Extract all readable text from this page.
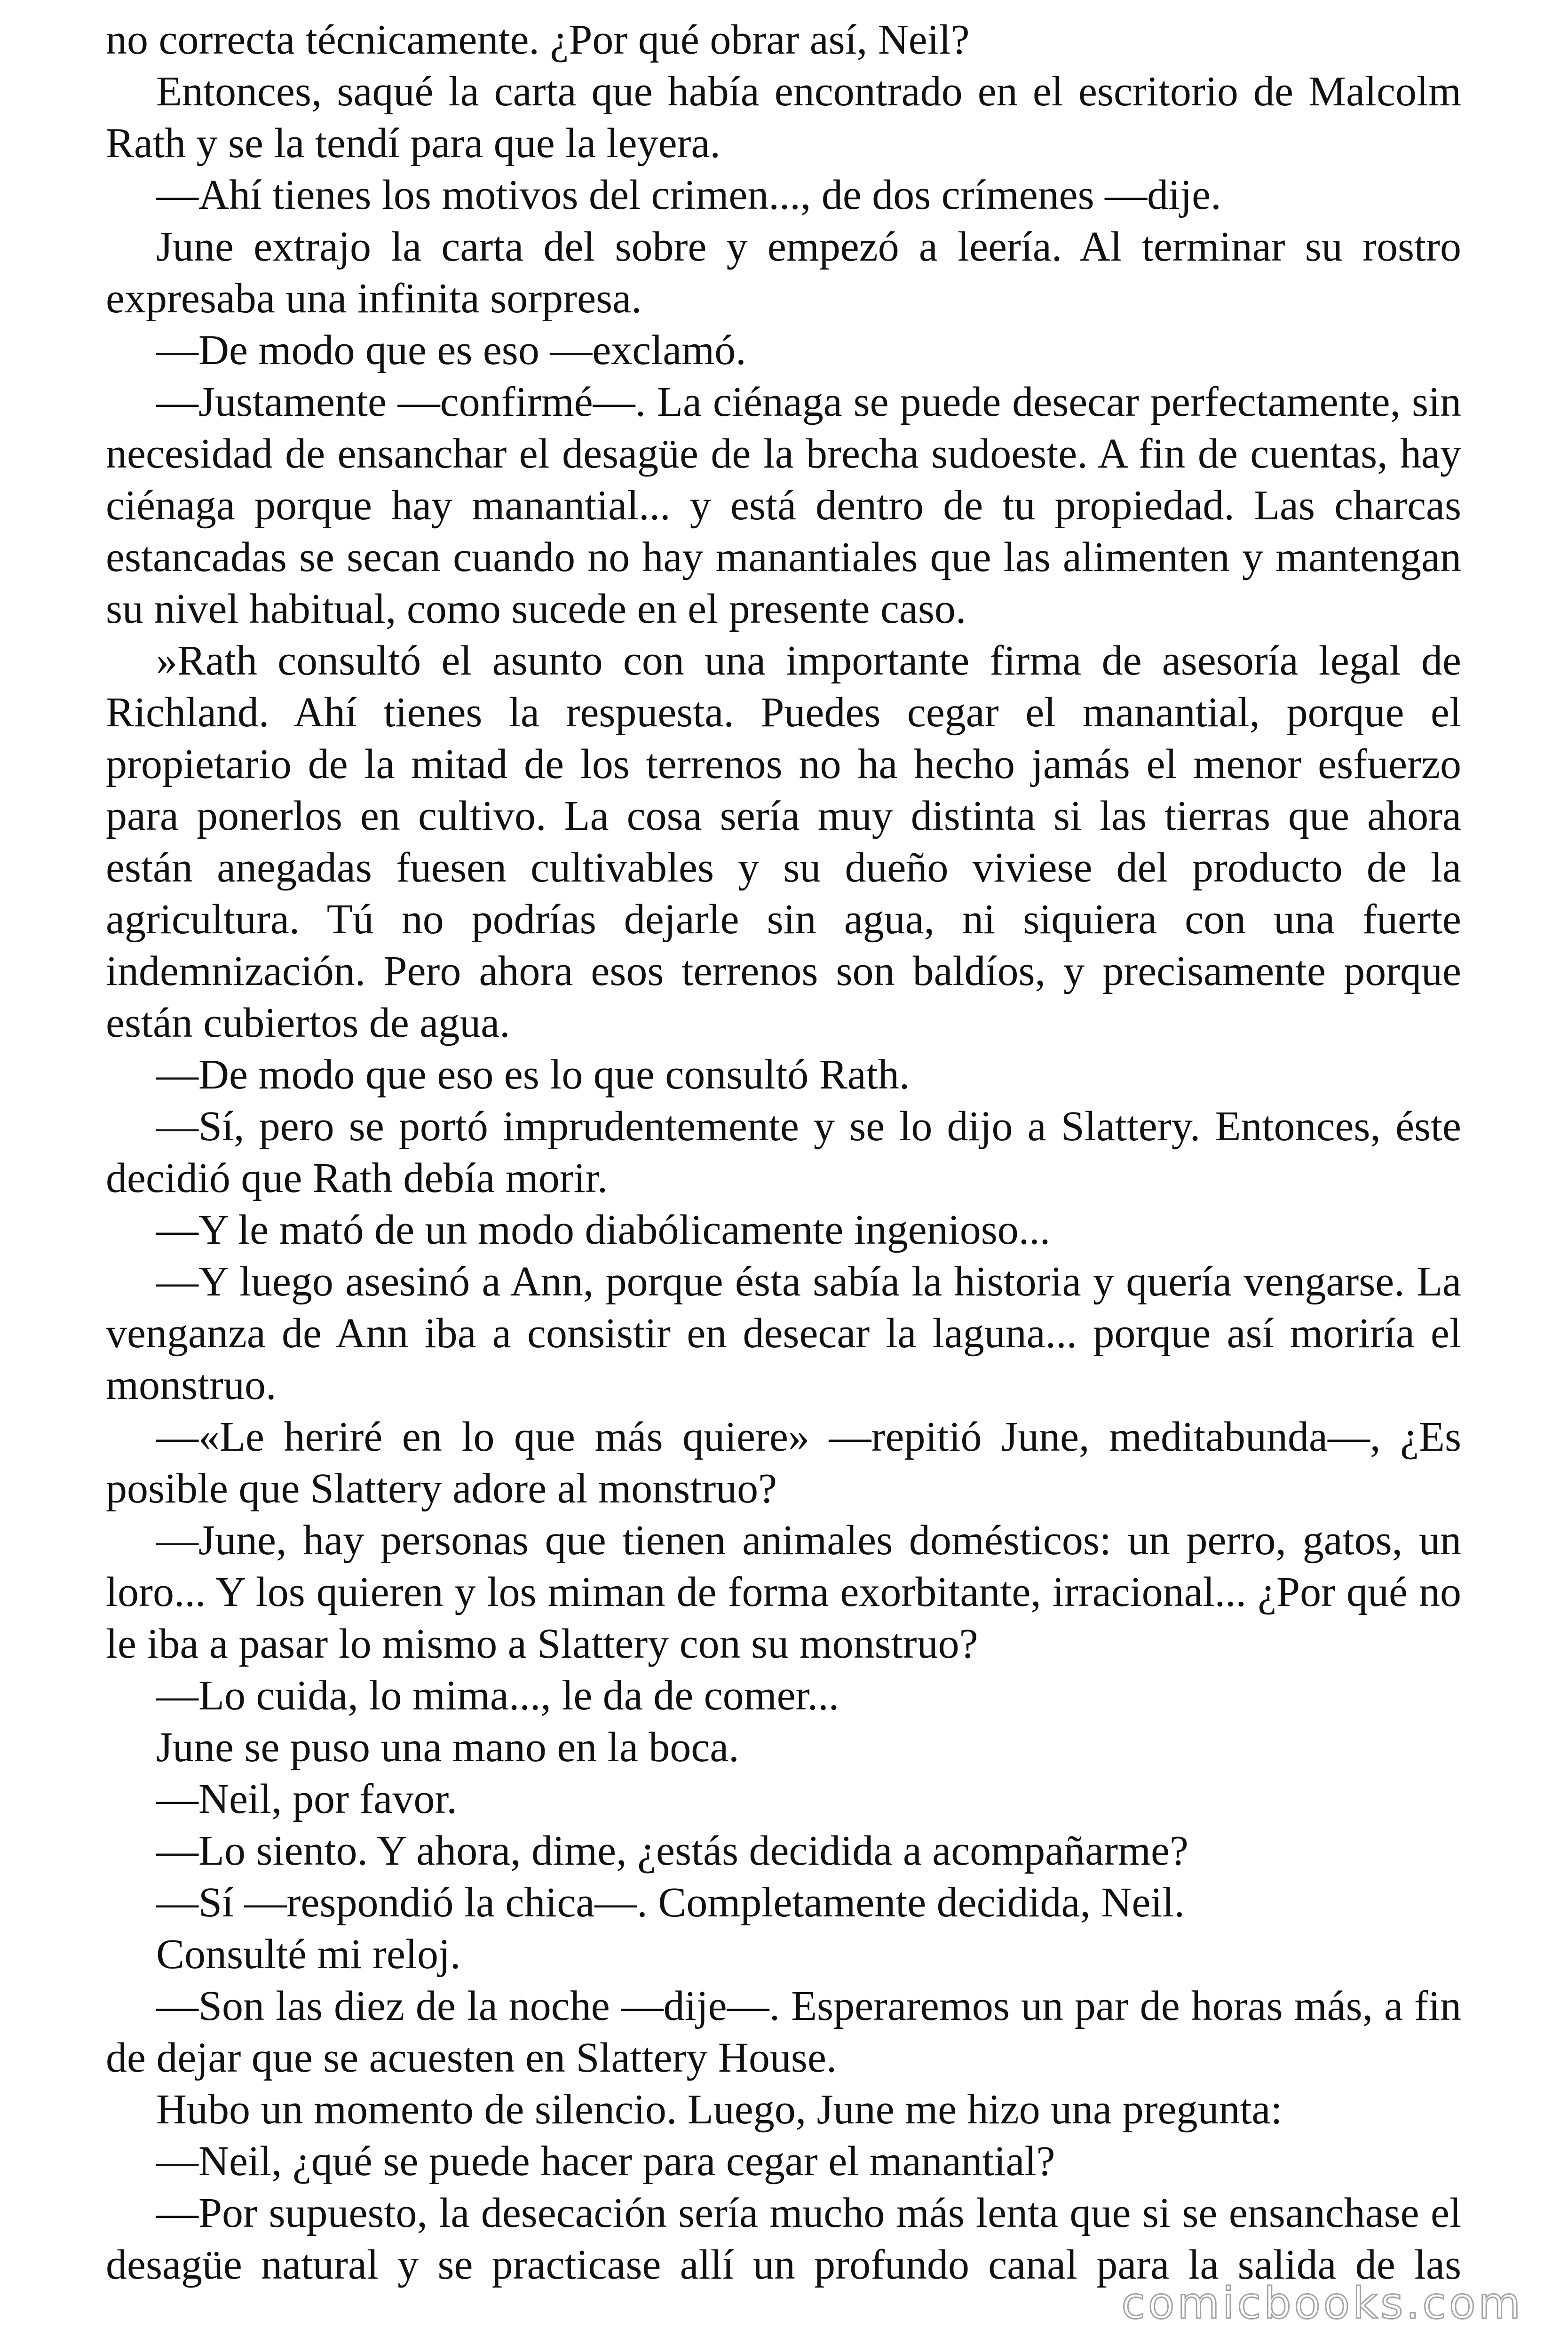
no correcta técnicamente. ¿Por qué obrar así, Neil?

Entonces, saqué la carta que había encontrado en el escritorio de Malcolm Rath y se la tendí para que la leyera.

—Ahí tienes los motivos del crimen..., de dos crímenes —dije.

June extrajo la carta del sobre y empezó a leería. Al terminar su rostro expresaba una infinita sorpresa.

—De modo que es eso —exclamó.

—Justamente —confirmé—. La ciénaga se puede desecar perfectamente, sin necesidad de ensanchar el desagüe de la brecha sudoeste. A fin de cuentas, hay ciénaga porque hay manantial... y está dentro de tu propiedad. Las charcas estancadas se secan cuando no hay manantiales que las alimenten y mantengan su nivel habitual, como sucede en el presente caso.

»Rath consultó el asunto con una importante firma de asesoría legal de Richland. Ahí tienes la respuesta. Puedes cegar el manantial, porque el propietario de la mitad de los terrenos no ha hecho jamás el menor esfuerzo para ponerlos en cultivo. La cosa sería muy distinta si las tierras que ahora están anegadas fuesen cultivables y su dueño viviese del producto de la agricultura. Tú no podrías dejarle sin agua, ni siquiera con una fuerte indemnización. Pero ahora esos terrenos son baldíos, y precisamente porque están cubiertos de agua.

—De modo que eso es lo que consultó Rath.

—Sí, pero se portó imprudentemente y se lo dijo a Slattery. Entonces, éste decidió que Rath debía morir.

—Y le mató de un modo diabólicamente ingenioso...

—Y luego asesinó a Ann, porque ésta sabía la historia y quería vengarse. La venganza de Ann iba a consistir en desecar la laguna... porque así moriría el monstruo.

—«Le heriré en lo que más quiere» —repitió June, meditabunda—, ¿Es posible que Slattery adore al monstruo?

—June, hay personas que tienen animales domésticos: un perro, gatos, un loro... Y los quieren y los miman de forma exorbitante, irracional... ¿Por qué no le iba a pasar lo mismo a Slattery con su monstruo?

—Lo cuida, lo mima..., le da de comer...

June se puso una mano en la boca.

—Neil, por favor.

—Lo siento. Y ahora, dime, ¿estás decidida a acompañarme?

—Sí —respondió la chica—. Completamente decidida, Neil.

Consulté mi reloj.

—Son las diez de la noche —dije—. Esperaremos un par de horas más, a fin de dejar que se acuesten en Slattery House.

Hubo un momento de silencio. Luego, June me hizo una pregunta:

—Neil, ¿qué se puede hacer para cegar el manantial?

—Por supuesto, la desecación sería mucho más lenta que si se ensanchase el desagüe natural y se practicase allí un profundo canal para la salida de las

comicbooks.com
